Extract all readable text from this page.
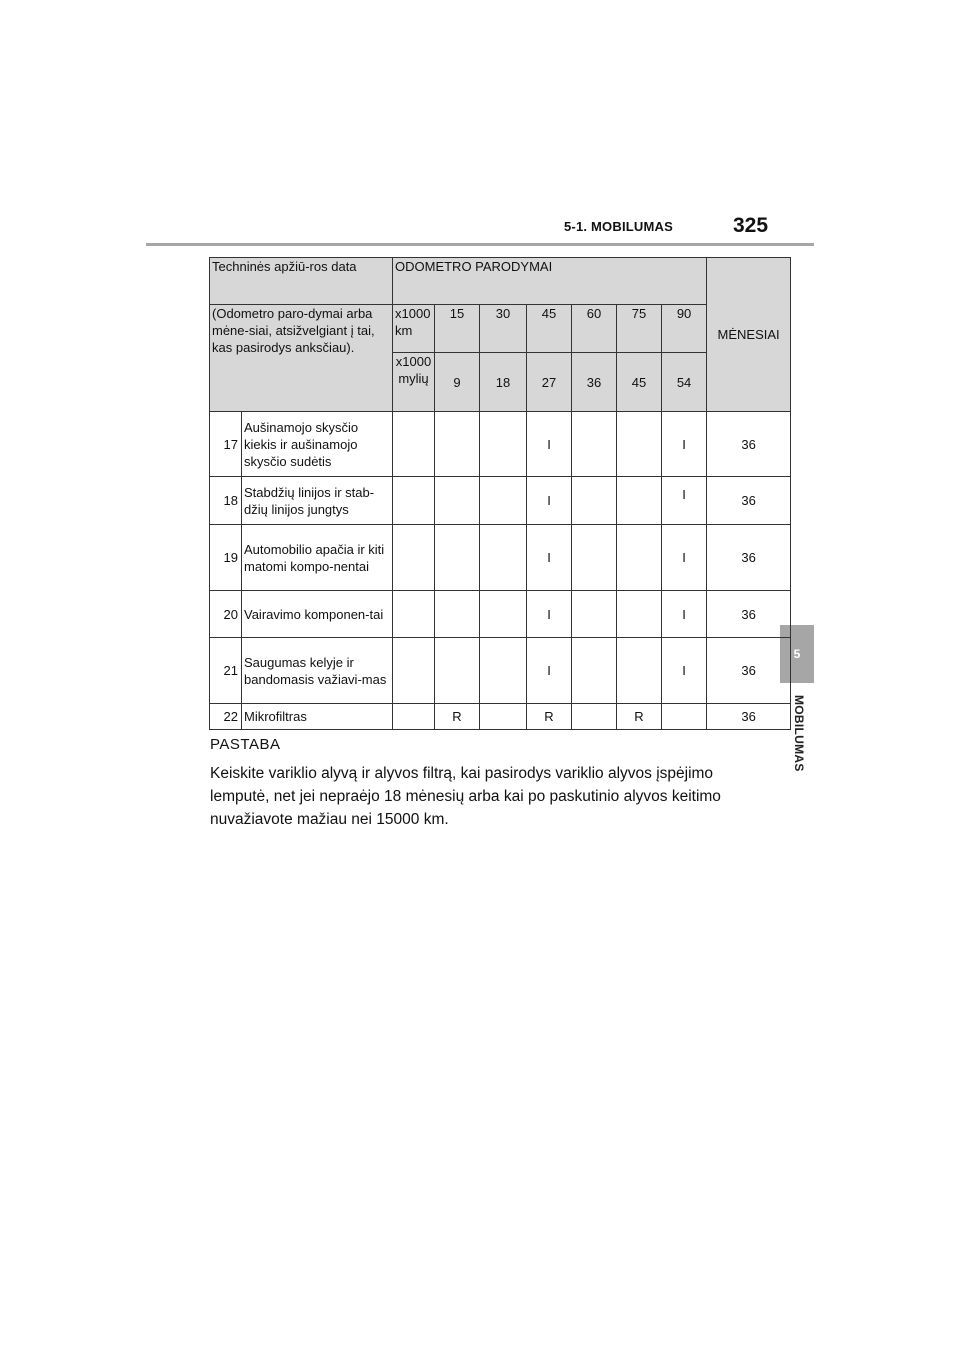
5-1. MOBILUMAS	325
5
MOBILUMAS
Techninės apžiū-ros data		ODOMETRO PARODYMAI							MĖNESIAI
(Odometro paro-dymai arba mėne-siai, atsižvelgiant į tai, kas pasirodys anksčiau).		x1000 km	15	30	45	60	75	90	
		x1000 mylių	9	18	27	36	45	54	
17	Aušinamojo skysčio kiekis ir aušinamojo skysčio sudėtis				I			I	36
18	Stabdžių linijos ir stab-džių linijos jungtys				I			I	36
19	Automobilio apačia ir kiti matomi kompo-nentai				I			I	36
20	Vairavimo komponen-tai				I			I	36
21	Saugumas kelyje ir bandomasis važiavi-mas				I			I	36
22	Mikrofiltras		R		R		R		36
PASTABA
Keiskite variklio alyvą ir alyvos filtrą, kai pasirodys variklio alyvos įspėjimo lemputė, net jei nepraėjo 18 mėnesių arba kai po paskutinio alyvos keitimo nuvažiavote mažiau nei 15000 km.
